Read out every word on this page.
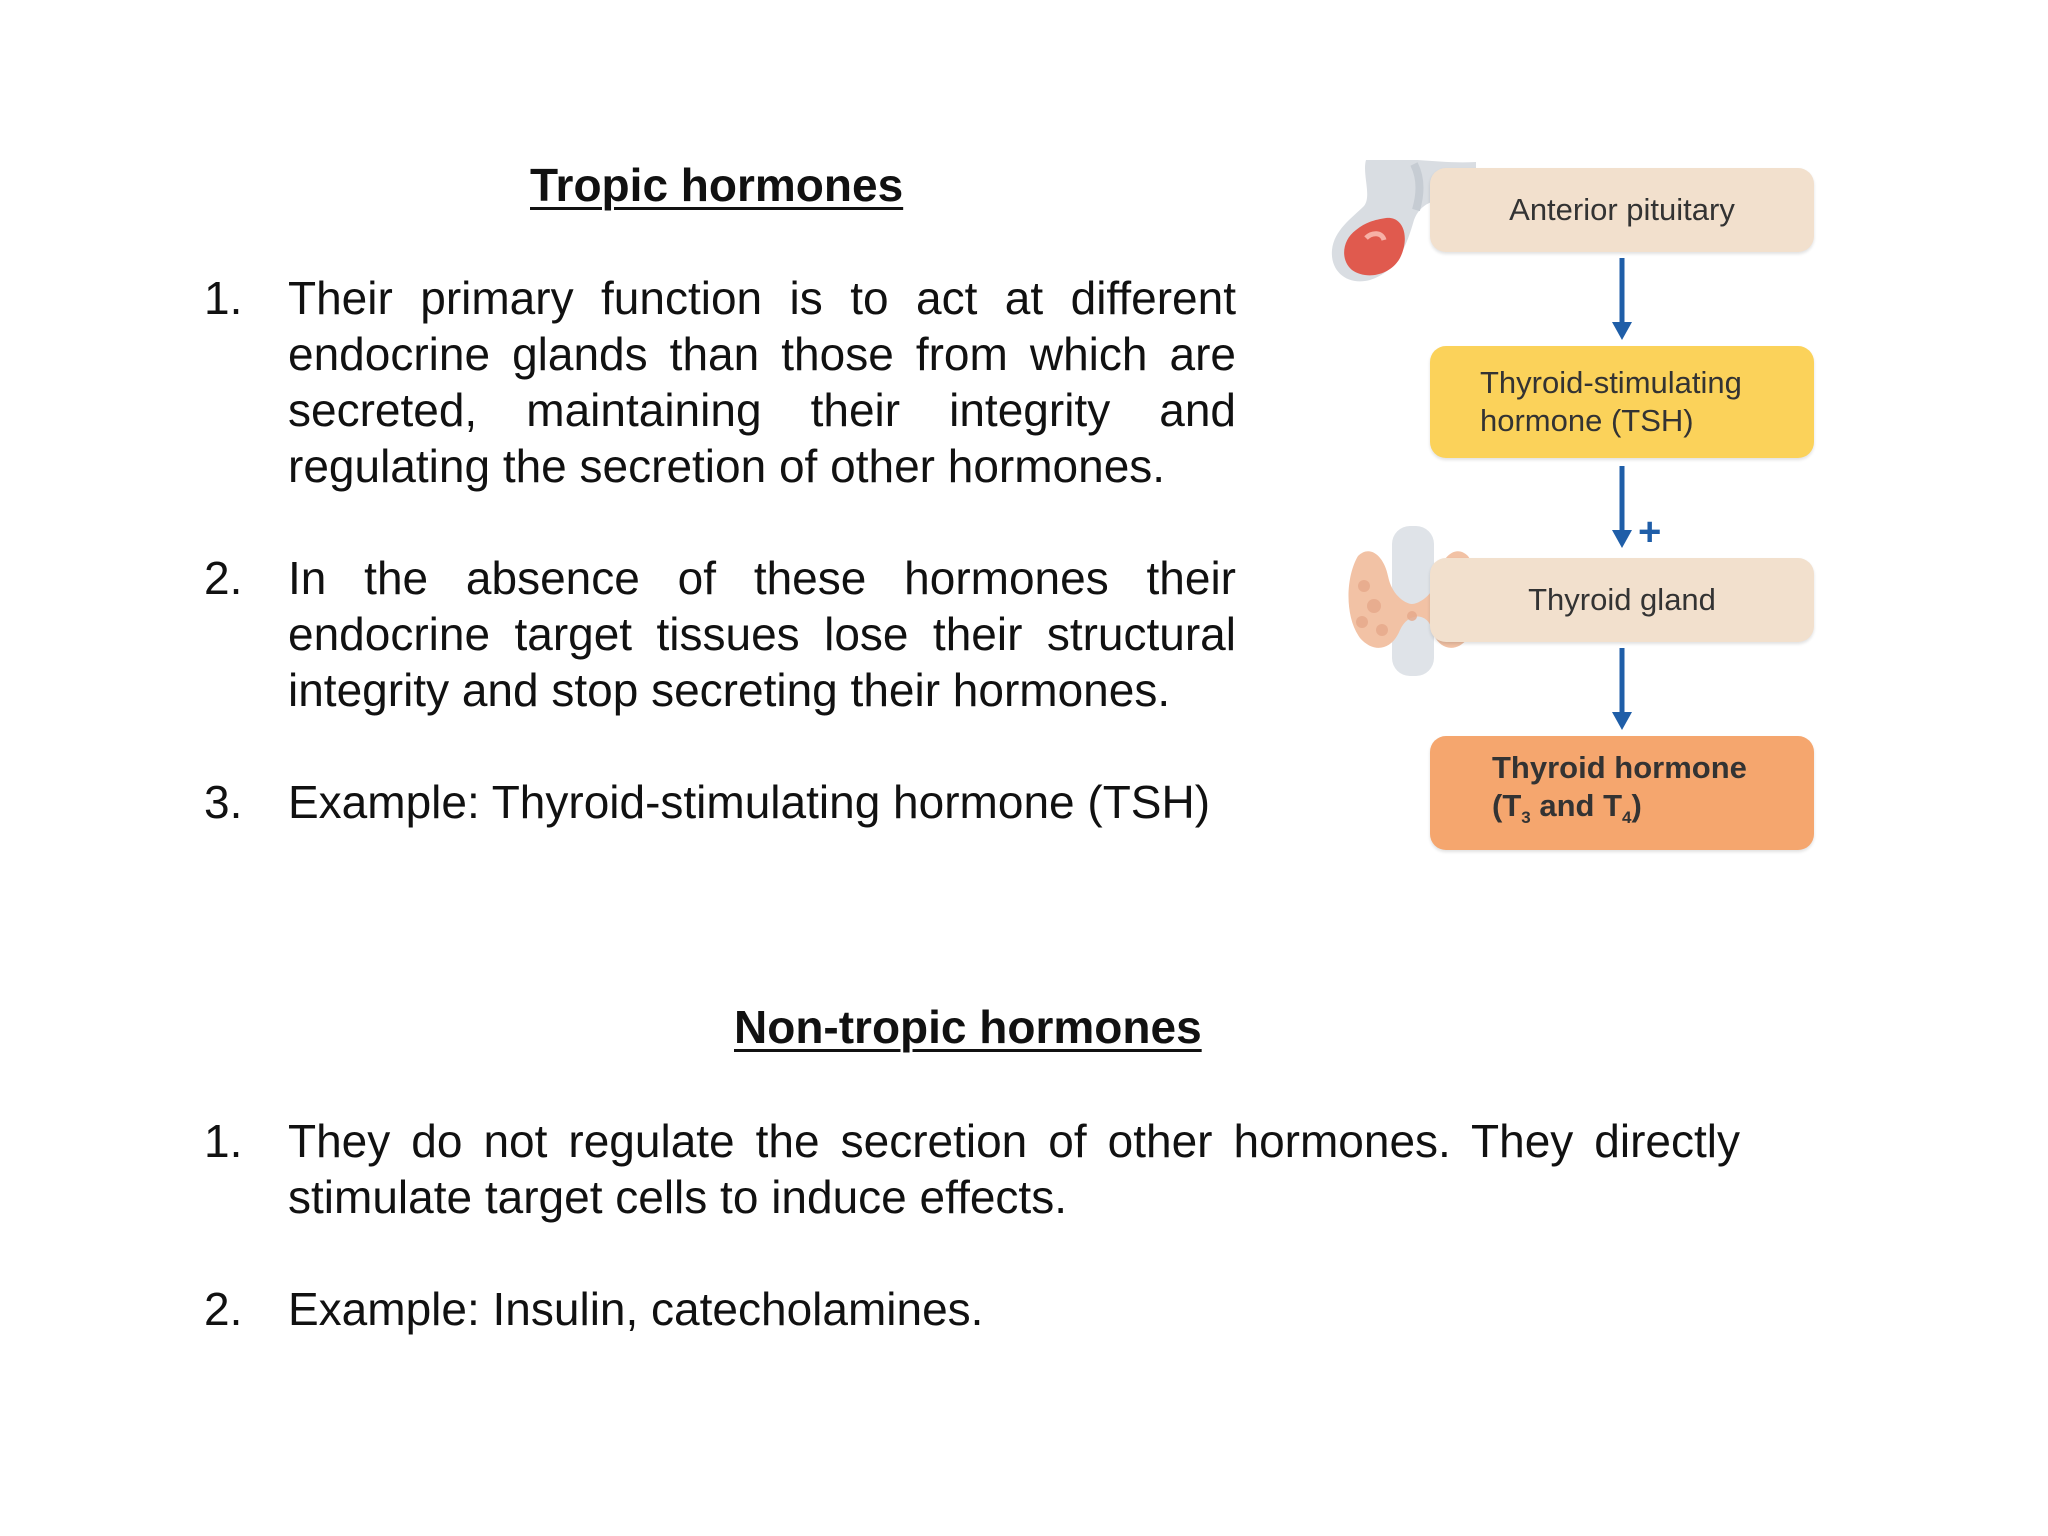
Tropic hormones
1. Their primary function is to act at different endocrine glands than those from which are secreted, maintaining their integrity and regulating the secretion of other hormones.
2. In the absence of these hormones their endocrine target tissues lose their structural integrity and stop secreting their hormones.
3. Example: Thyroid-stimulating hormone (TSH)
Anterior pituitary
Thyroid-stimulating
hormone (TSH)
+
Thyroid gland
Thyroid hormone
($T_3$ and $T_4$)
Non-tropic hormones
1. They do not regulate the secretion of other hormones. They directly stimulate target cells to induce effects.
2. Example: Insulin, catecholamines.
